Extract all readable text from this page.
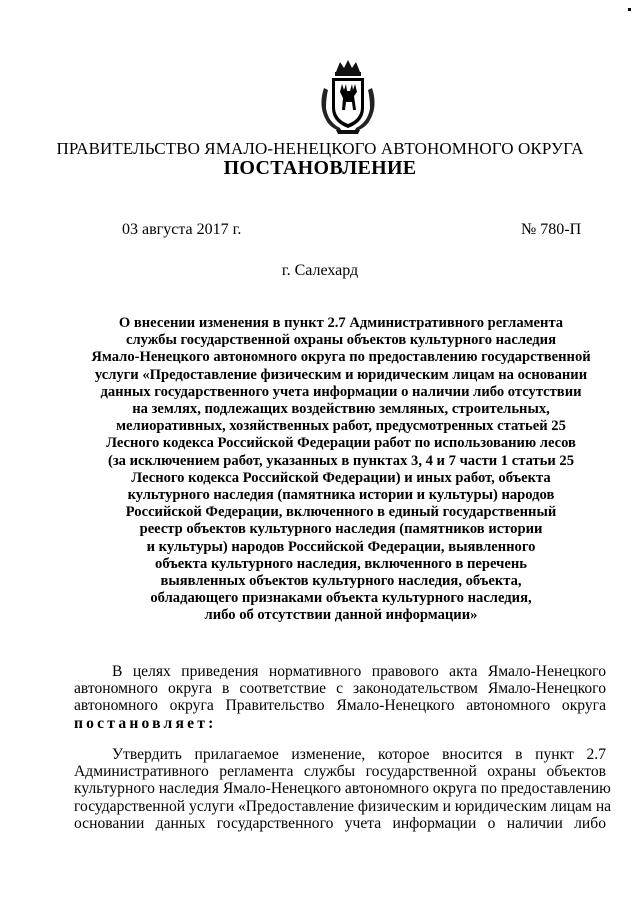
ПРАВИТЕЛЬСТВО ЯМАЛО-НЕНЕЦКОГО АВТОНОМНОГО ОКРУГА
ПОСТАНОВЛЕНИЕ
03 августа 2017 г.	№ 780-П
г. Салехард
О внесении изменения в пункт 2.7 Административного регламента
службы государственной охраны объектов культурного наследия
Ямало-Ненецкого автономного округа по предоставлению государственной
услуги «Предоставление физическим и юридическим лицам на основании
данных государственного учета информации о наличии либо отсутствии
на землях, подлежащих воздействию земляных, строительных,
мелиоративных, хозяйственных работ, предусмотренных статьей 25
Лесного кодекса Российской Федерации работ по использованию лесов
(за исключением работ, указанных в пунктах 3, 4 и 7 части 1 статьи 25
Лесного кодекса Российской Федерации) и иных работ, объекта
культурного наследия (памятника истории и культуры) народов
Российской Федерации, включенного в единый государственный
реестр объектов культурного наследия (памятников истории
и культуры) народов Российской Федерации, выявленного
объекта культурного наследия, включенного в перечень
выявленных объектов культурного наследия, объекта,
обладающего признаками объекта культурного наследия,
либо об отсутствии данной информации»
В целях приведения нормативного правового акта Ямало-Ненецкого
автономного округа в соответствие с законодательством Ямало-Ненецкого
автономного округа Правительство Ямало-Ненецкого автономного округа
постановляет:
Утвердить прилагаемое изменение, которое вносится в пункт 2.7
Административного регламента службы государственной охраны объектов
культурного наследия Ямало-Ненецкого автономного округа по предоставлению
государственной услуги «Предоставление физическим и юридическим лицам на
основании данных государственного учета информации о наличии либо
